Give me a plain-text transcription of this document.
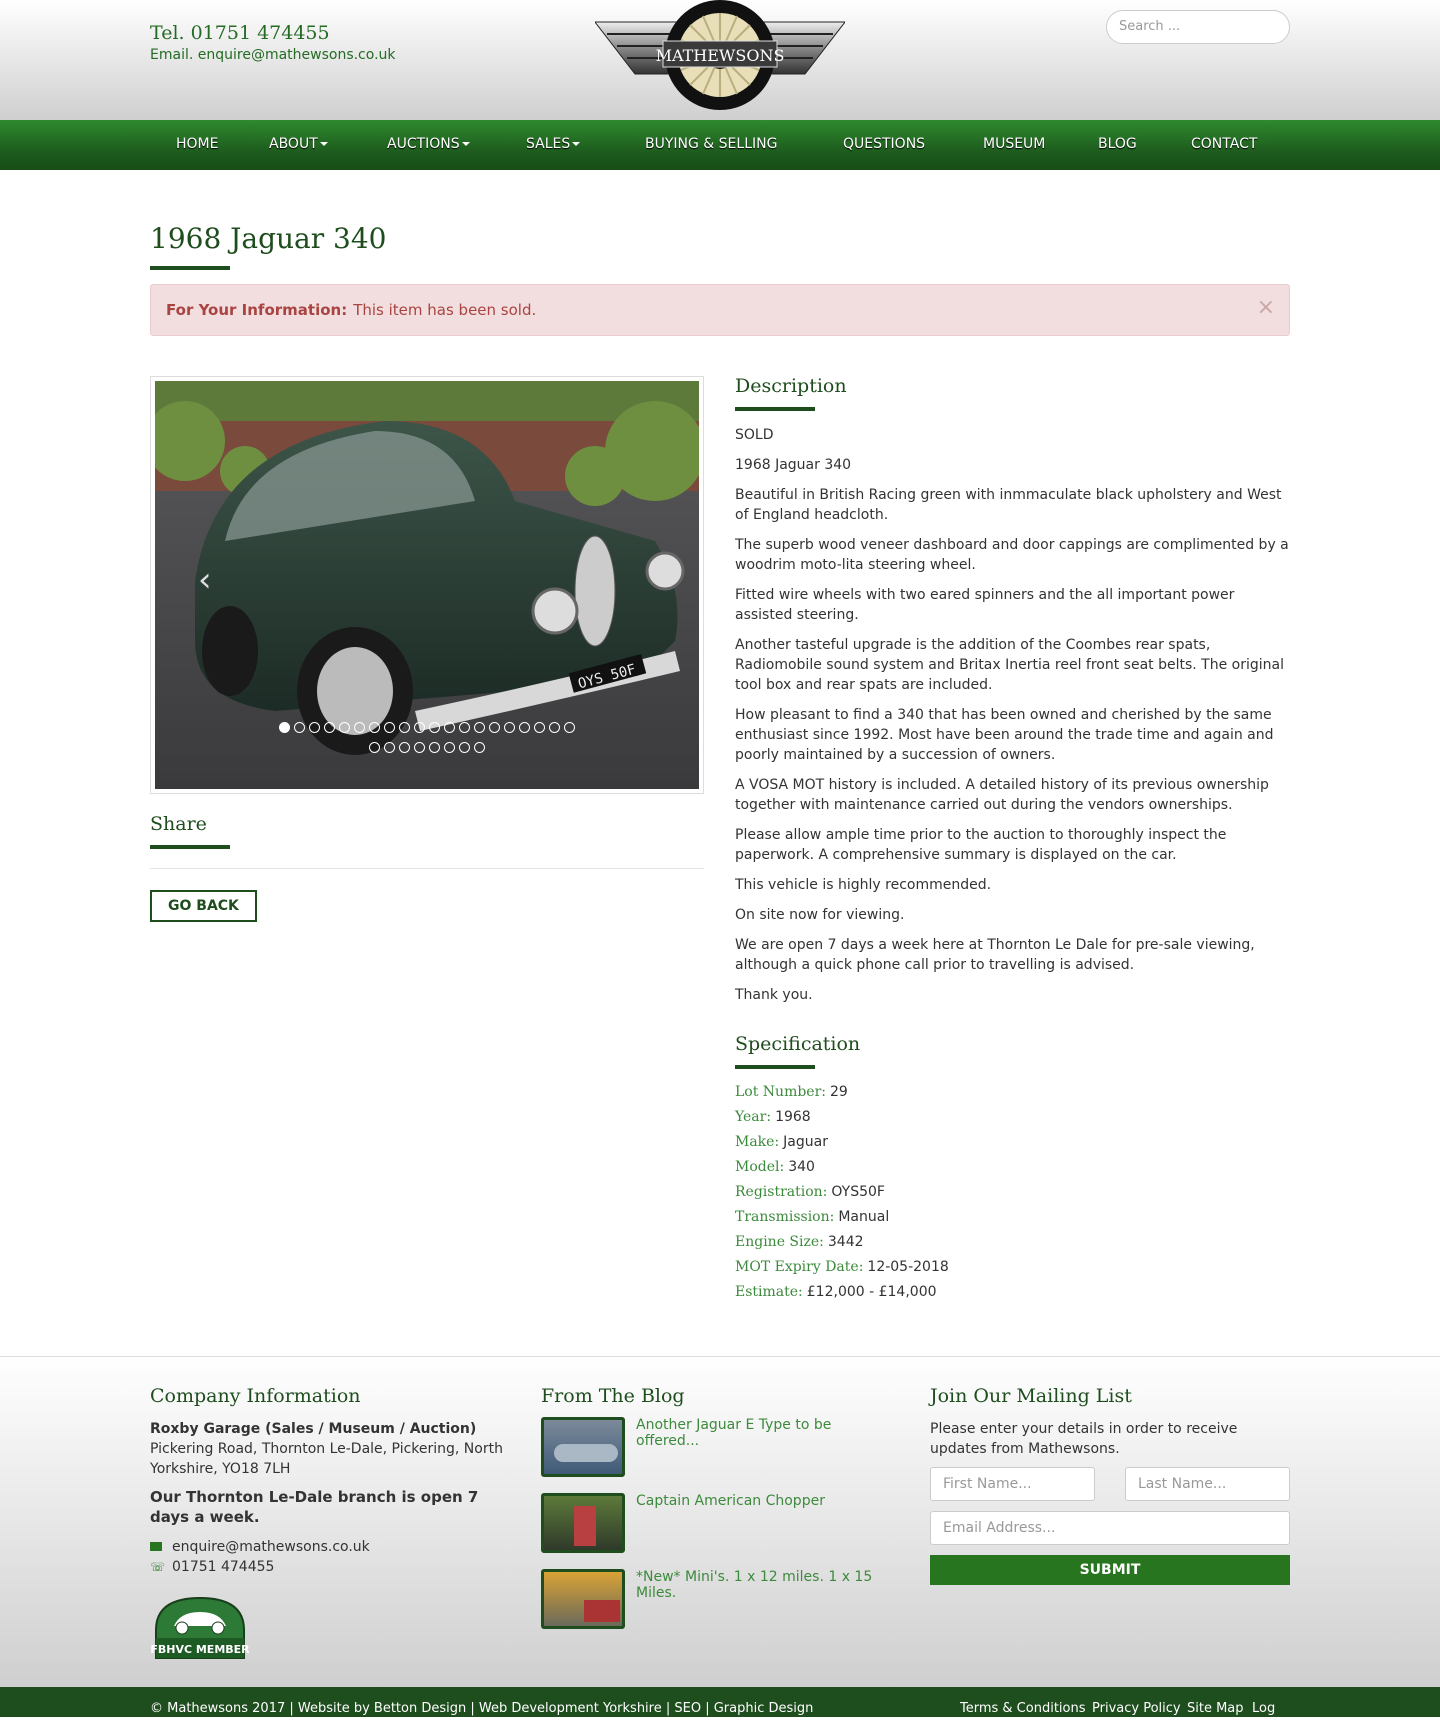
Tel. 01751 474455
Email. enquire@mathewsons.co.uk	MATHEWSONS
Search ...
HOME	ABOUT	AUCTIONS	SALES	BUYING & SELLING	QUESTIONS	MUSEUM	BLOG	CONTACT
1968 Jaguar 340
For Your Information: This item has been sold.	×
OYS 50F
‹
Share
GO BACK
Description

SOLD

1968 Jaguar 340

Beautiful in British Racing green with inmmaculate black upholstery and West of England headcloth.

The superb wood veneer dashboard and door cappings are complimented by a woodrim moto-lita steering wheel.

Fitted wire wheels with two eared spinners and the all important power assisted steering.

Another tasteful upgrade is the addition of the Coombes rear spats, Radiomobile sound system and Britax Inertia reel front seat belts. The original tool box and rear spats are included.

How pleasant to find a 340 that has been owned and cherished by the same enthusiast since 1992. Most have been around the trade time and again and poorly maintained by a succession of owners.

A VOSA MOT history is included. A detailed history of its previous ownership together with maintenance carried out during the vendors ownerships.

Please allow ample time prior to the auction to thoroughly inspect the paperwork. A comprehensive summary is displayed on the car.

This vehicle is highly recommended.

On site now for viewing.

We are open 7 days a week here at Thornton Le Dale for pre-sale viewing, although a quick phone call prior to travelling is advised.

Thank you.

Specification
Lot Number: 29
Year: 1968
Make: Jaguar
Model: 340
Registration: OYS50F
Transmission: Manual
Engine Size: 3442
MOT Expiry Date: 12-05-2018
Estimate: £12,000 - £14,000
Company Information
Roxby Garage (Sales / Museum / Auction)
Pickering Road, Thornton Le-Dale, Pickering, North Yorkshire, YO18 7LH
Our Thornton Le-Dale branch is open 7 days a week.
enquire@mathewsons.co.uk
☏ 01751 474455
FBHVC MEMBER
From The Blog
Another Jaguar E Type to be offered...
Captain American Chopper
*New* Mini's. 1 x 12 miles. 1 x 15 Miles.
Join Our Mailing List
Please enter your details in order to receive updates from Mathewsons.
First Name...	Last Name...
Email Address...
SUBMIT
© Mathewsons 2017 | Website by Betton Design | Web Development Yorkshire | SEO | Graphic Design	Terms & Conditions Privacy Policy Site Map Log In
